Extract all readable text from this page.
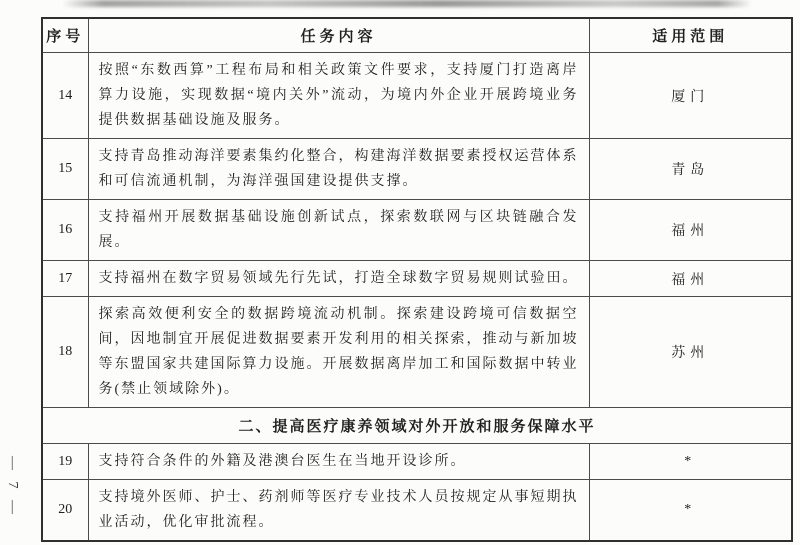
— 7 —
序号	任务内容	适用范围
14	按照“东数西算”工程布局和相关政策文件要求，支持厦门打造离岸算力设施，实现数据“境内关外”流动，为境内外企业开展跨境业务提供数据基础设施及服务。	厦门
15	支持青岛推动海洋要素集约化整合，构建海洋数据要素授权运营体系和可信流通机制，为海洋强国建设提供支撑。	青岛
16	支持福州开展数据基础设施创新试点，探索数联网与区块链融合发展。	福州
17	支持福州在数字贸易领域先行先试，打造全球数字贸易规则试验田。	福州
18	探索高效便利安全的数据跨境流动机制。探索建设跨境可信数据空间，因地制宜开展促进数据要素开发利用的相关探索，推动与新加坡等东盟国家共建国际算力设施。开展数据离岸加工和国际数据中转业务(禁止领域除外)。	苏州
二、提高医疗康养领域对外开放和服务保障水平		
19	支持符合条件的外籍及港澳台医生在当地开设诊所。	*
20	支持境外医师、护士、药剂师等医疗专业技术人员按规定从事短期执业活动，优化审批流程。	*
